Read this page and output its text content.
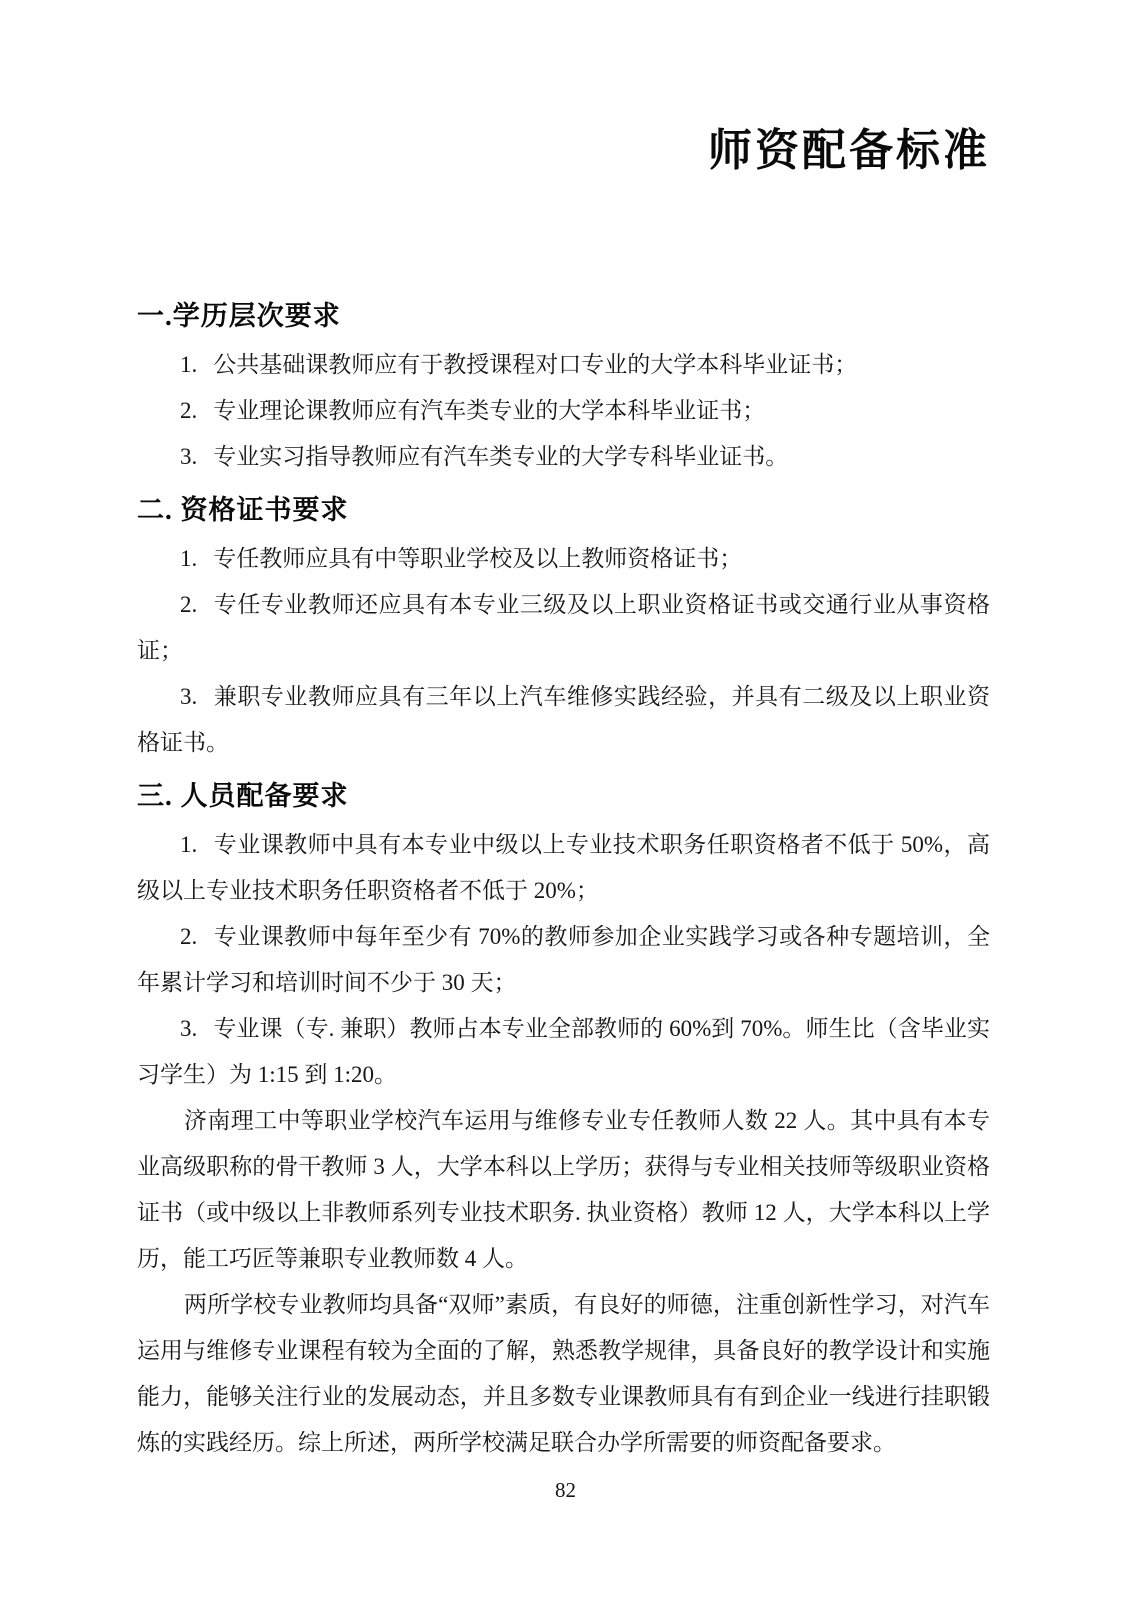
师资配备标准
一.学历层次要求

1. 公共基础课教师应有于教授课程对口专业的大学本科毕业证书；

2. 专业理论课教师应有汽车类专业的大学本科毕业证书；

3. 专业实习指导教师应有汽车类专业的大学专科毕业证书。

二. 资格证书要求

1. 专任教师应具有中等职业学校及以上教师资格证书；

2. 专任专业教师还应具有本专业三级及以上职业资格证书或交通行业从事资格证；

3. 兼职专业教师应具有三年以上汽车维修实践经验，并具有二级及以上职业资格证书。

三. 人员配备要求

1. 专业课教师中具有本专业中级以上专业技术职务任职资格者不低于 50%，高级以上专业技术职务任职资格者不低于 20%；

2. 专业课教师中每年至少有 70%的教师参加企业实践学习或各种专题培训，全年累计学习和培训时间不少于 30 天；

3. 专业课（专. 兼职）教师占本专业全部教师的 60%到 70%。师生比（含毕业实习学生）为 1:15 到 1:20。

济南理工中等职业学校汽车运用与维修专业专任教师人数 22 人。其中具有本专业高级职称的骨干教师 3 人，大学本科以上学历；获得与专业相关技师等级职业资格证书（或中级以上非教师系列专业技术职务. 执业资格）教师 12 人，大学本科以上学历，能工巧匠等兼职专业教师数 4 人。

两所学校专业教师均具备“双师”素质，有良好的师德，注重创新性学习，对汽车运用与维修专业课程有较为全面的了解，熟悉教学规律，具备良好的教学设计和实施能力，能够关注行业的发展动态，并且多数专业课教师具有有到企业一线进行挂职锻炼的实践经历。综上所述，两所学校满足联合办学所需要的师资配备要求。

82
